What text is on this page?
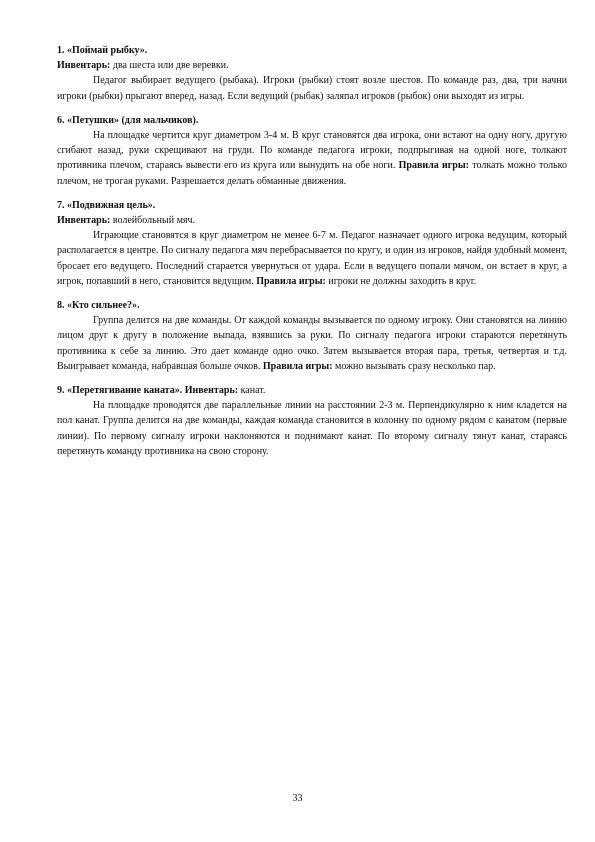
1. «Поймай рыбку».

Инвентарь: два шеста или две веревки.

Педагог выбирает ведущего (рыбака). Игроки (рыбки) стоят возле шестов. По команде раз, два, три начни игроки (рыбки) прыгают вперед, назад. Если ведущий (рыбак) заляпал игроков (рыбок) они выходят из игры.

6. «Петушки» (для мальчиков).

На площадке чертится круг диаметром 3-4 м. В круг становятся два игрока, они встают на одну ногу, другую сгибают назад, руки скрещивают на груди. По команде педагога игроки, подпрыгивая на одной ноге, толкают противника плечом, стараясь вывести его из круга или вынудить на обе ноги. Правила игры: толкать можно только плечом, не трогая руками. Разрешается делать обманные движения.

7. «Подвижная цель».

Инвентарь: волейбольный мяч.

Играющие становятся в круг диаметром не менее 6-7 м. Педагог назначает одного игрока ведущим, который располагается в центре. По сигналу педагога мяч перебрасывается по кругу, и один из игроков, найдя удобный момент, бросает его ведущего. Последний старается увернуться от удара. Если в ведущего попали мячом, он встает в круг, а игрок, попавший в него, становится ведущим. Правила игры: игроки не должны заходить в круг.

8. «Кто сильнее?».

Группа делится на две команды. От каждой команды вызывается по одному игроку. Они становятся на линию лицом друг к другу в положение выпада, взявшись за руки. По сигналу педагога игроки стараются перетянуть противника к себе за линию. Это дает команде одно очко. Затем вызывается вторая пара, третья, четвертая и т.д. Выигрывает команда, набравшая больше очков. Правила игры: можно вызывать сразу несколько пар.

9. «Перетягивание каната». Инвентарь: канат.

На площадке проводятся две параллельные линии на расстоянии 2-3 м. Перпендикулярно к ним кладется на пол канат. Группа делится на две команды, каждая команда становится в колонну по одному рядом с канатом (первые линии). По первому сигналу игроки наклоняются и поднимают канат. По второму сигналу тянут канат, стараясь перетянуть команду противника на свою сторону.

33
